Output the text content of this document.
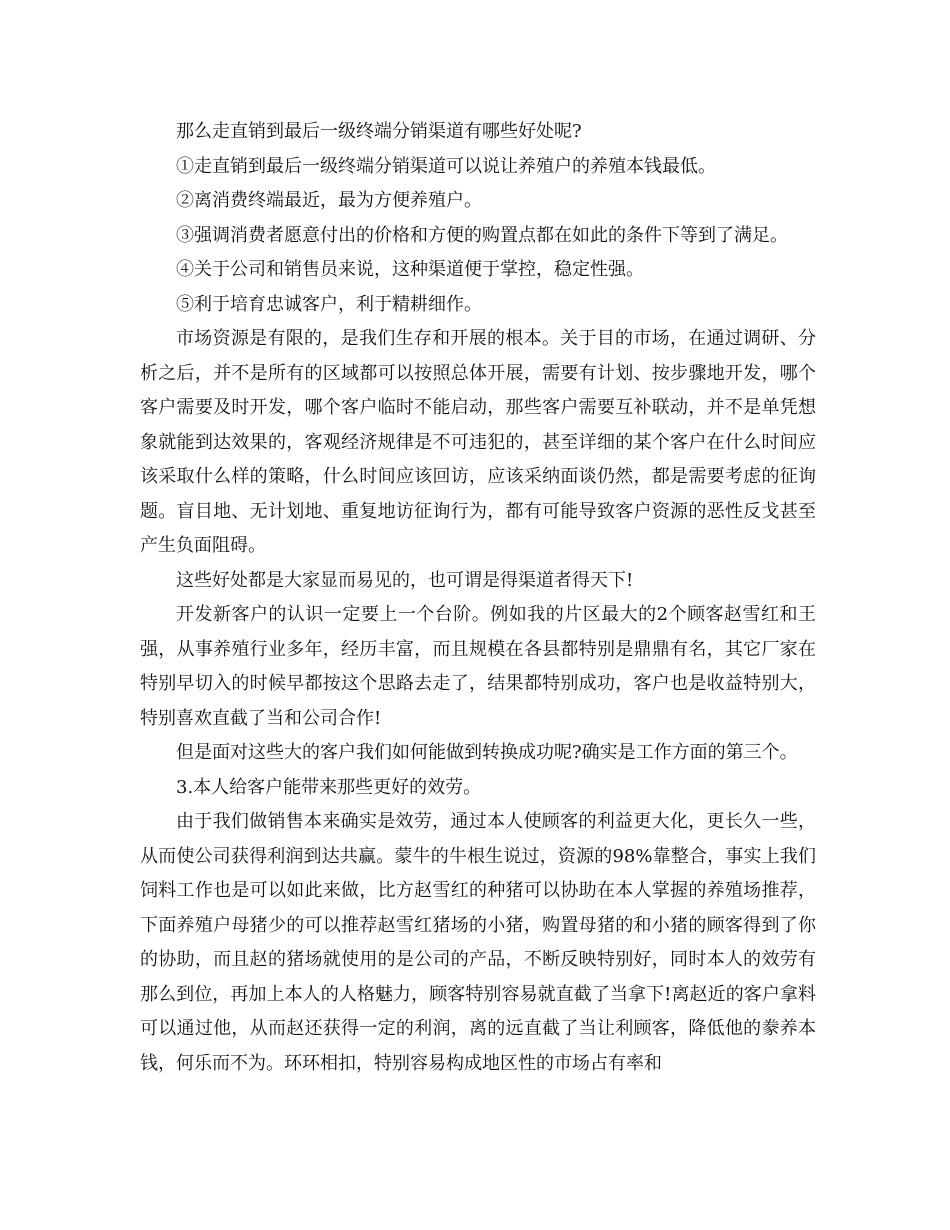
那么走直销到最后一级终端分销渠道有哪些好处呢?

①走直销到最后一级终端分销渠道可以说让养殖户的养殖本钱最低。

②离消费终端最近，最为方便养殖户。

③强调消费者愿意付出的价格和方便的购置点都在如此的条件下等到了满足。

④关于公司和销售员来说，这种渠道便于掌控，稳定性强。

⑤利于培育忠诚客户，利于精耕细作。

市场资源是有限的，是我们生存和开展的根本。关于目的市场，在通过调研、分析之后，并不是所有的区域都可以按照总体开展，需要有计划、按步骤地开发，哪个客户需要及时开发，哪个客户临时不能启动，那些客户需要互补联动，并不是单凭想象就能到达效果的，客观经济规律是不可违犯的，甚至详细的某个客户在什么时间应该采取什么样的策略，什么时间应该回访，应该采纳面谈仍然，都是需要考虑的征询题。盲目地、无计划地、重复地访征询行为，都有可能导致客户资源的恶性反戈甚至产生负面阻碍。

这些好处都是大家显而易见的，也可谓是得渠道者得天下!

开发新客户的认识一定要上一个台阶。例如我的片区最大的2个顾客赵雪红和王强，从事养殖行业多年，经历丰富，而且规模在各县都特别是鼎鼎有名，其它厂家在特别早切入的时候早都按这个思路去走了，结果都特别成功，客户也是收益特别大，特别喜欢直截了当和公司合作!

但是面对这些大的客户我们如何能做到转换成功呢?确实是工作方面的第三个。

3.本人给客户能带来那些更好的效劳。

由于我们做销售本来确实是效劳，通过本人使顾客的利益更大化，更长久一些，从而使公司获得利润到达共赢。蒙牛的牛根生说过，资源的98%靠整合，事实上我们饲料工作也是可以如此来做，比方赵雪红的种猪可以协助在本人掌握的养殖场推荐，下面养殖户母猪少的可以推荐赵雪红猪场的小猪，购置母猪的和小猪的顾客得到了你的协助，而且赵的猪场就使用的是公司的产品，不断反映特别好，同时本人的效劳有那么到位，再加上本人的人格魅力，顾客特别容易就直截了当拿下!离赵近的客户拿料可以通过他，从而赵还获得一定的利润，离的远直截了当让利顾客，降低他的豢养本钱，何乐而不为。环环相扣，特别容易构成地区性的市场占有率和
